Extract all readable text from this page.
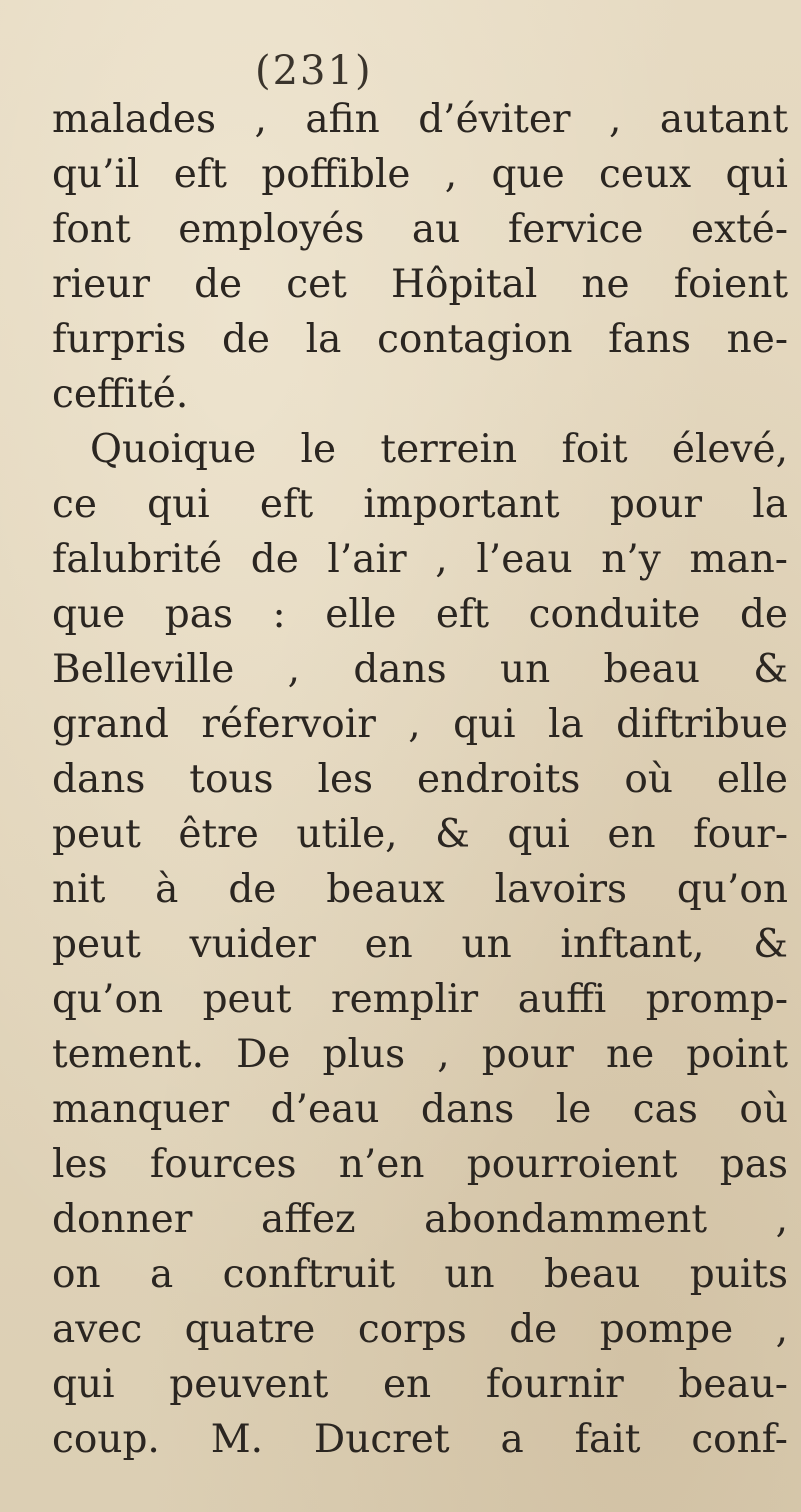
(231)
malades , afin d’éviter , autant
qu’il eft poffible , que ceux qui
font employés au fervice exté-
rieur de cet Hôpital ne foient
furpris de la contagion fans ne-
ceffité.
Quoique le terrein foit élevé,
ce qui eft important pour la
falubrité de l’air , l’eau n’y man-
que pas : elle eft conduite de
Belleville , dans un beau &
grand réfervoir , qui la diftribue
dans tous les endroits où elle
peut être utile, & qui en four-
nit à de beaux lavoirs qu’on
peut vuider en un inftant, &
qu’on peut remplir auffi promp-
tement. De plus , pour ne point
manquer d’eau dans le cas où
les fources n’en pourroient pas
donner affez abondamment ,
on a conftruit un beau puits
avec quatre corps de pompe ,
qui peuvent en fournir beau-
coup. M. Ducret a fait conf-
